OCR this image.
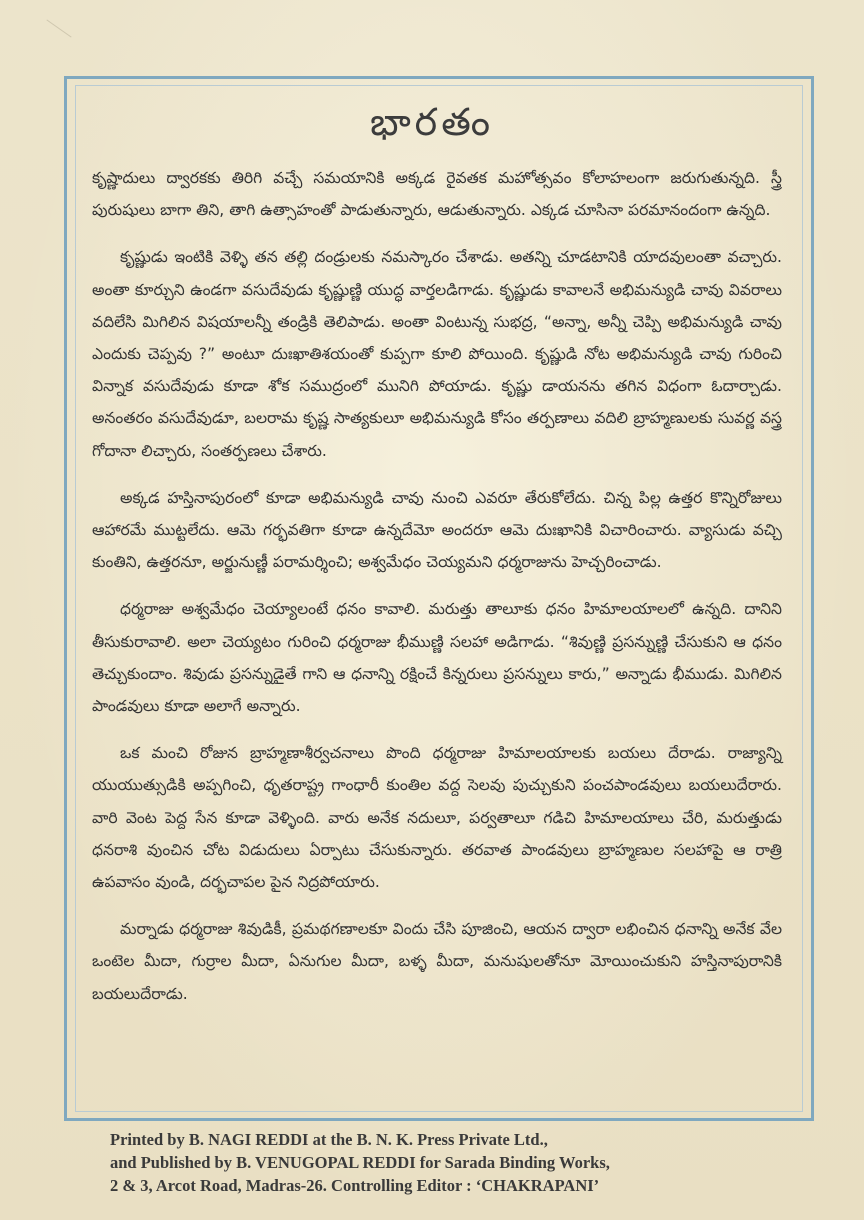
భారతం

కృష్ణాదులు ద్వారకకు తిరిగి వచ్చే సమయానికి అక్కడ రైవతక మహోత్సవం కోలాహలంగా జరుగుతున్నది. స్త్రీ పురుషులు బాగా తిని, తాగి ఉత్సాహంతో పాడుతున్నారు, ఆడుతున్నారు. ఎక్కడ చూసినా పరమానందంగా ఉన్నది.

కృష్ణుడు ఇంటికి వెళ్ళి తన తల్లి దండ్రులకు నమస్కారం చేశాడు. అతన్ని చూడటానికి యాదవులంతా వచ్చారు. అంతా కూర్చుని ఉండగా వసుదేవుడు కృష్ణుణ్ణి యుద్ధ వార్తలడిగాడు. కృష్ణుడు కావాలనే అభిమన్యుడి చావు వివరాలు వదిలేసి మిగిలిన విషయాలన్నీ తండ్రికి తెలిపాడు. అంతా వింటున్న సుభద్ర, “అన్నా, అన్నీ చెప్పి అభిమన్యుడి చావు ఎందుకు చెప్పవు ?” అంటూ దుఃఖాతిశయంతో కుప్పగా కూలి పోయింది. కృష్ణుడి నోట అభిమన్యుడి చావు గురించి విన్నాక వసుదేవుడు కూడా శోక సముద్రంలో మునిగి పోయాడు. కృష్ణు డాయనను తగిన విధంగా ఓదార్చాడు. అనంతరం వసుదేవుడూ, బలరామ కృష్ణ సాత్యకులూ అభిమన్యుడి కోసం తర్పణాలు వదిలి బ్రాహ్మణులకు సువర్ణ వస్త్ర గోదానా లిచ్చారు, సంతర్పణలు చేశారు.

అక్కడ హస్తినాపురంలో కూడా అభిమన్యుడి చావు నుంచి ఎవరూ తేరుకోలేదు. చిన్న పిల్ల ఉత్తర కొన్నిరోజులు ఆహారమే ముట్టలేదు. ఆమె గర్భవతిగా కూడా ఉన్నదేమో అందరూ ఆమె దుఃఖానికి విచారించారు. వ్యాసుడు వచ్చి కుంతిని, ఉత్తరనూ, అర్జునుణ్ణీ పరామర్శించి; అశ్వమేధం చెయ్యమని ధర్మరాజును హెచ్చరించాడు.

ధర్మరాజు అశ్వమేధం చెయ్యాలంటే ధనం కావాలి. మరుత్తు తాలూకు ధనం హిమాలయాలలో ఉన్నది. దానిని తీసుకురావాలి. అలా చెయ్యటం గురించి ధర్మరాజు భీముణ్ణి సలహా అడిగాడు. “శివుణ్ణి ప్రసన్నుణ్ణి చేసుకుని ఆ ధనం తెచ్చుకుందాం. శివుడు ప్రసన్నుడైతే గాని ఆ ధనాన్ని రక్షించే కిన్నరులు ప్రసన్నులు కారు,” అన్నాడు భీముడు. మిగిలిన పాండవులు కూడా అలాగే అన్నారు.

ఒక మంచి రోజున బ్రాహ్మణాశీర్వచనాలు పొంది ధర్మరాజు హిమాలయాలకు బయలు దేరాడు. రాజ్యాన్ని యుయుత్సుడికి అప్పగించి, ధృతరాష్ట్ర గాంధారీ కుంతిల వద్ద సెలవు పుచ్చుకుని పంచపాండవులు బయలుదేరారు. వారి వెంట పెద్ద సేన కూడా వెళ్ళింది. వారు అనేక నదులూ, పర్వతాలూ గడిచి హిమాలయాలు చేరి, మరుత్తుడు ధనరాశి వుంచిన చోట విడుదులు ఏర్పాటు చేసుకున్నారు. తరవాత పాండవులు బ్రాహ్మణుల సలహాపై ఆ రాత్రి ఉపవాసం వుండి, దర్భచాపల పైన నిద్రపోయారు.

మర్నాడు ధర్మరాజు శివుడికీ, ప్రమథగణాలకూ విందు చేసి పూజించి, ఆయన ద్వారా లభించిన ధనాన్ని అనేక వేల ఒంటెల మీదా, గుర్రాల మీదా, ఏనుగుల మీదా, బళ్ళ మీదా, మనుషులతోనూ మోయించుకుని హస్తినాపురానికి బయలుదేరాడు.

Printed by B. NAGI REDDI at the B. N. K. Press Private Ltd.,
and Published by B. VENUGOPAL REDDI for Sarada Binding Works,
2 & 3, Arcot Road, Madras-26. Controlling Editor : ‘CHAKRAPANI’
